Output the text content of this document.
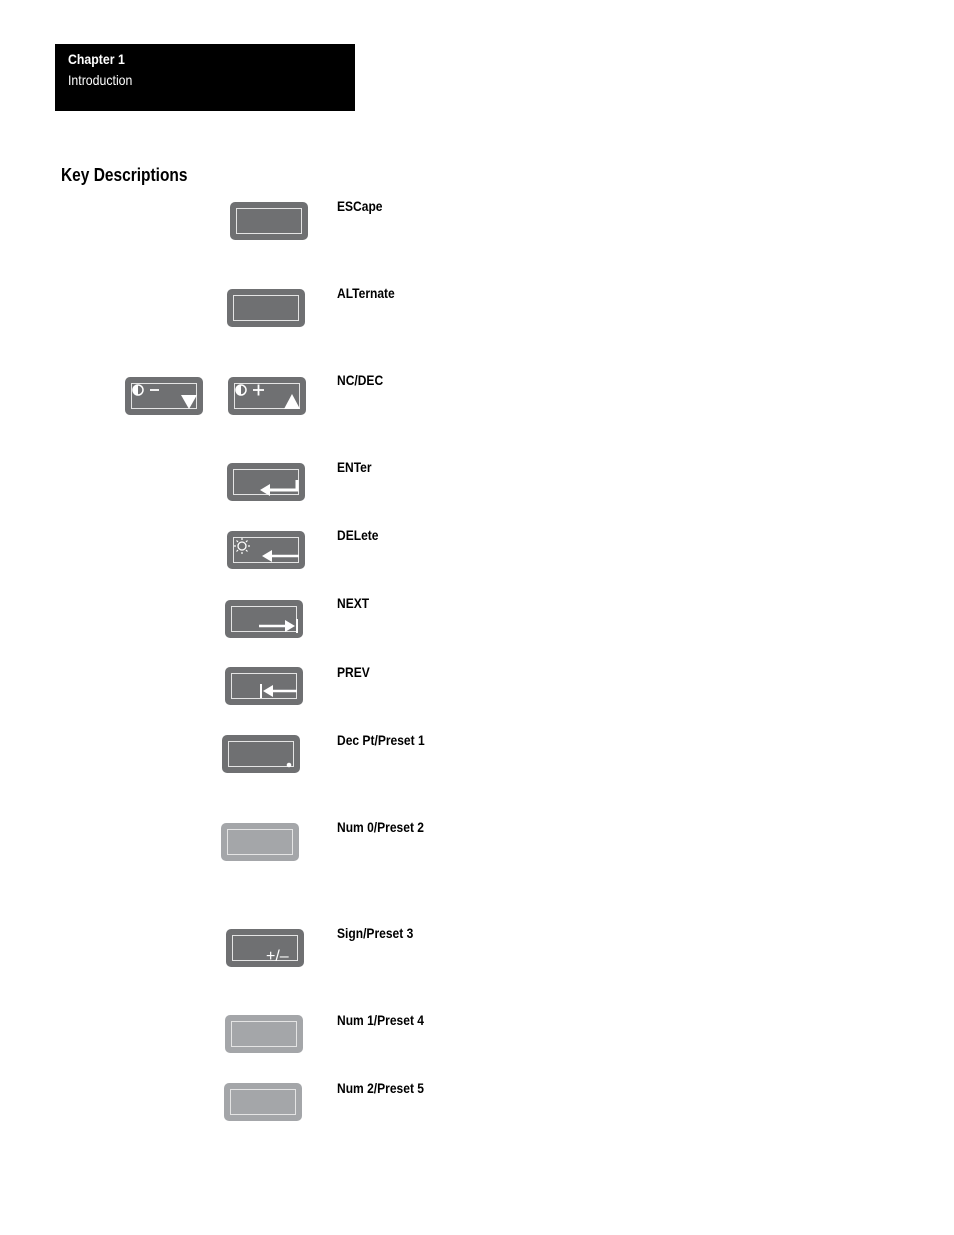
Chapter 1
Introduction
Key Descriptions
ESCape
ALTernate
NC/DEC
ENTer
DELete
NEXT
PREV
Dec Pt/Preset 1
Num 0/Preset 2
+/–
Sign/Preset 3
Num 1/Preset 4
Num 2/Preset 5
